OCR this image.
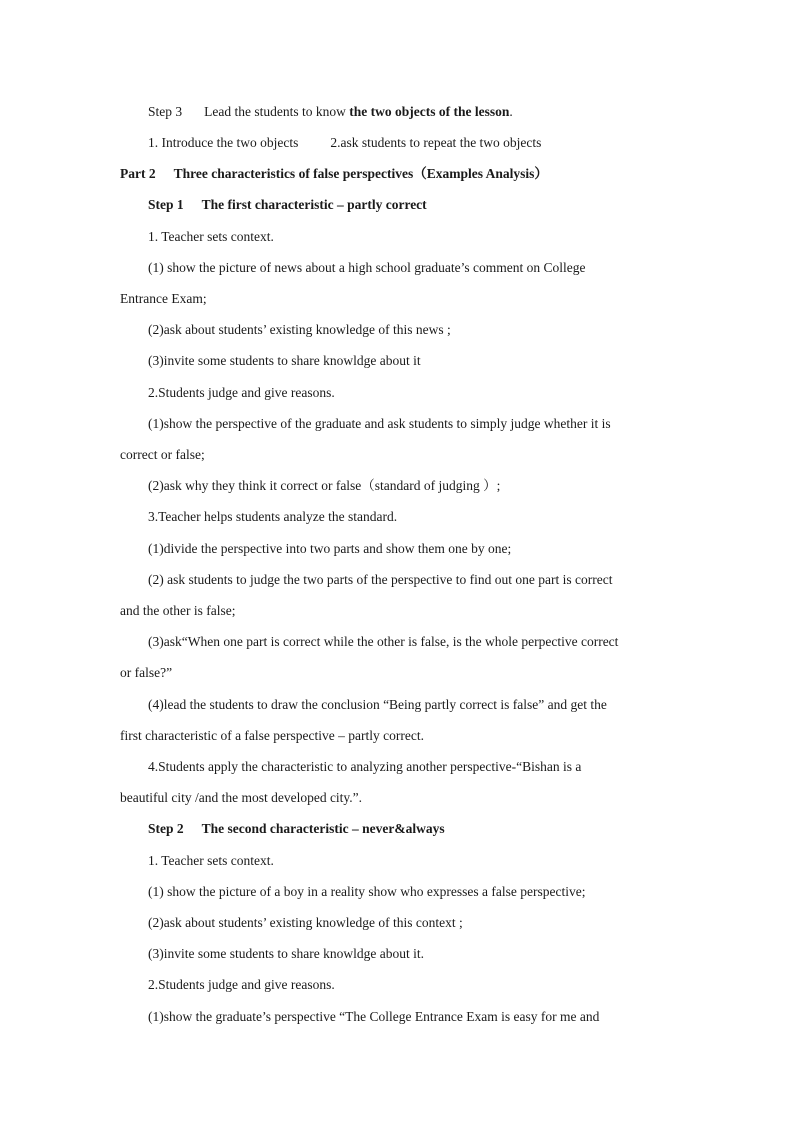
Step 3 Lead the students to know the two objects of the lesson.
1. Introduce the two objects 2.ask students to repeat the two objects
Part 2 Three characteristics of false perspectives（Examples Analysis）
Step 1 The first characteristic – partly correct
1. Teacher sets context.
(1) show the picture of news about a high school graduate’s comment on College
Entrance Exam;
(2)ask about students’ existing knowledge of this news ;
(3)invite some students to share knowldge about it
2.Students judge and give reasons.
(1)show the perspective of the graduate and ask students to simply judge whether it is
correct or false;
(2)ask why they think it correct or false（standard of judging ）;
3.Teacher helps students analyze the standard.
(1)divide the perspective into two parts and show them one by one;
(2) ask students to judge the two parts of the perspective to find out one part is correct
and the other is false;
(3)ask“When one part is correct while the other is false, is the whole perpective correct
or false?”
(4)lead the students to draw the conclusion “Being partly correct is false” and get the
first characteristic of a false perspective – partly correct.
4.Students apply the characteristic to analyzing another perspective-“Bishan is a
beautiful city /and the most developed city.”.
Step 2 The second characteristic – never&always
1. Teacher sets context.
(1) show the picture of a boy in a reality show who expresses a false perspective;
(2)ask about students’ existing knowledge of this context ;
(3)invite some students to share knowldge about it.
2.Students judge and give reasons.
(1)show the graduate’s perspective “The College Entrance Exam is easy for me and
